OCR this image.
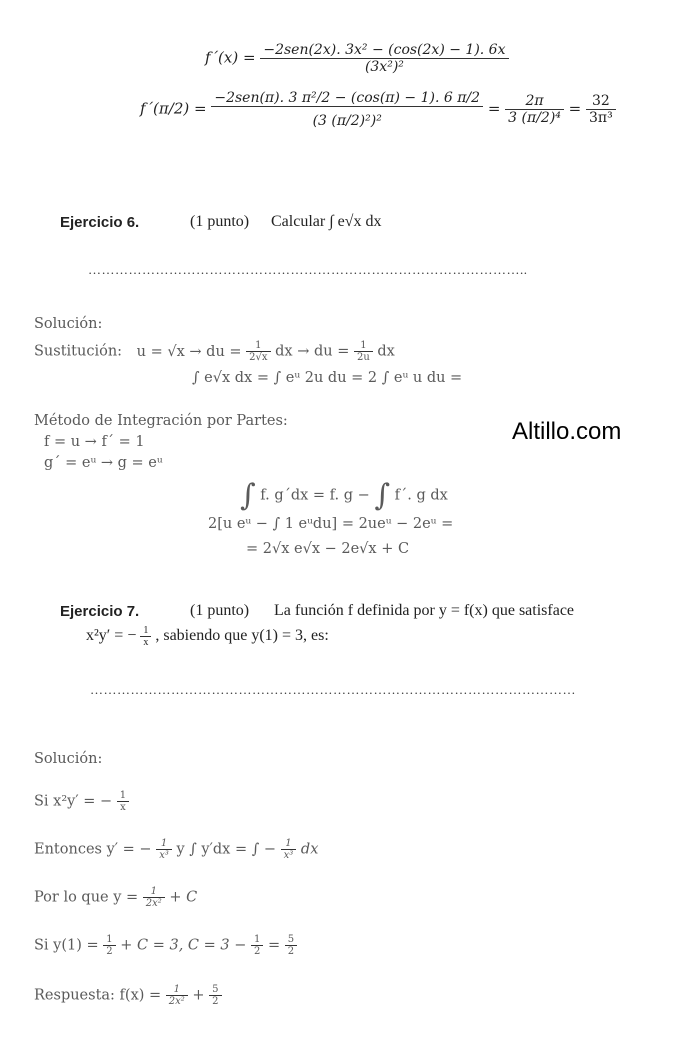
f´(x) = $\frac{\text{−2sen(2x). 3x² − (cos(2x) − 1). 6x}}{\text{(3x²)²}}$
f´(π/2) = $\frac{\text{−2sen(π). 3 π²/2 − (cos(π) − 1). 6 π/2}}{\text{(3 (π/2)²)²}} = \frac{2\pi}{\text{3 (π/2)⁴}} = \frac{32}{\text{3π³}}$
Ejercicio 6.	(1 punto) Calcular ∫ e√x dx
……………………………………………………………………………………..
Solución:
Sustitución: u = √x → du = $\frac{1}{2√x}$ dx → du = $\frac{1}{2u}$ dx
∫ e√x dx = ∫ eᵘ 2u du = 2 ∫ eᵘ u du =
Método de Integración por Partes:
f = u → f´ = 1
g´ = eᵘ → g = eᵘ
Altillo.com
∫ f. g´dx = f. g − ∫ f´. g dx
2[u eᵘ − ∫ 1 eᵘdu] = 2ueᵘ − 2eᵘ =
= 2√x e√x − 2e√x + C
Ejercicio 7.	(1 punto) La función f definida por y = f(x) que satisface
x²y′ = − $\frac{1}{x}$ , sabiendo que y(1) = 3, es:
………………………………………………………………………………………………
Solución:
Si x²y′ = − $\frac{1}{x}$
Entonces y′ = − $\frac{1}{\text{x³}}$ y ∫ y′dx = ∫ − $\frac{1}{\text{x³}}$ dx
Por lo que $y = \frac{1}{\text{2x²}} + C$
Si $y(1) = \frac{1}{2} + C = 3$, $C = 3 - \frac{1}{2} = \frac{5}{2}$
Respuesta: $f(x) = \frac{1}{\text{2x²}} + \frac{5}{2}$
